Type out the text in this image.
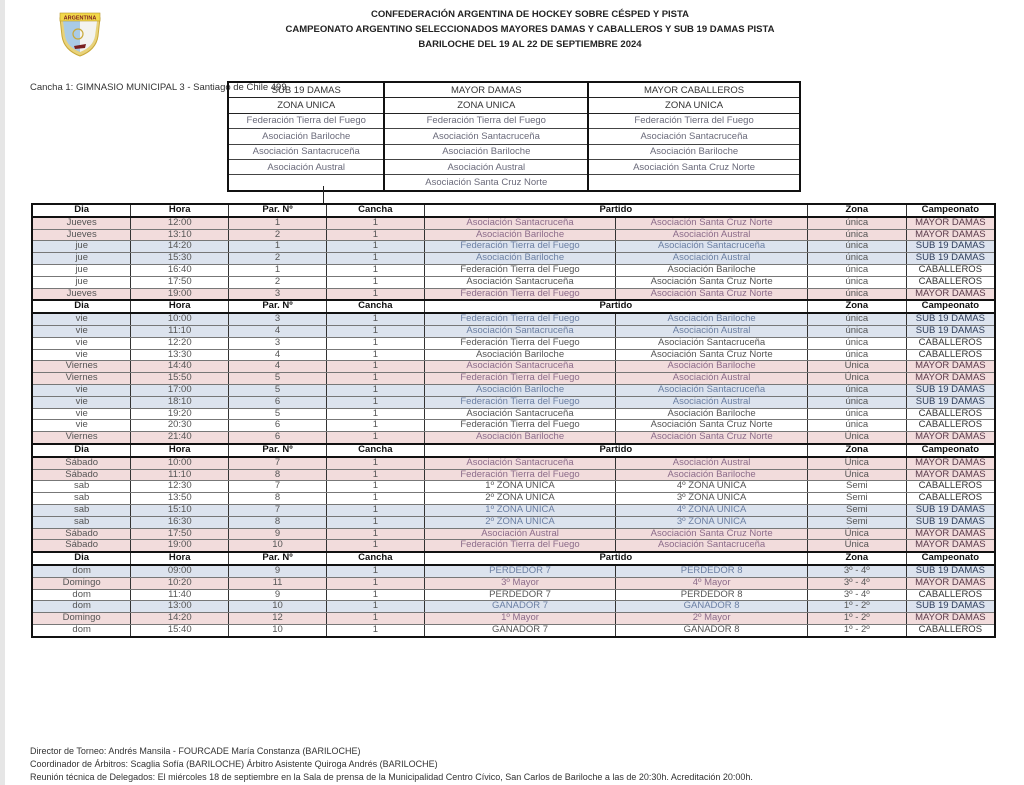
ARGENTINA	CONFEDERACIÓN ARGENTINA DE HOCKEY SOBRE CÉSPED Y PISTA
CAMPEONATO ARGENTINO SELECCIONADOS MAYORES DAMAS Y CABALLEROS Y SUB 19 DAMAS PISTA
BARILOCHE DEL 19 AL 22 DE SEPTIEMBRE 2024
Cancha 1: GIMNASIO MUNICIPAL 3 - Santiago de Chile 499
SUB 19 DAMAS	MAYOR DAMAS	MAYOR CABALLEROS
ZONA UNICA	ZONA UNICA	ZONA UNICA
Federación Tierra del Fuego	Federación Tierra del Fuego	Federación Tierra del Fuego
Asociación Bariloche	Asociación Santacruceña	Asociación Santacruceña
Asociación Santacruceña	Asociación Bariloche	Asociación Bariloche
Asociación Austral	Asociación Austral	Asociación Santa Cruz Norte
	Asociación Santa Cruz Norte	
Dia	Hora	Par. Nº	Cancha	Partido		Zona	Campeonato
Jueves	12:00	1	1	Asociación Santacruceña	Asociación Santa Cruz Norte	única	MAYOR DAMAS
Jueves	13:10	2	1	Asociación Bariloche	Asociación Austral	única	MAYOR DAMAS
jue	14:20	1	1	Federación Tierra del Fuego	Asociación Santacruceña	única	SUB 19 DAMAS
jue	15:30	2	1	Asociación Bariloche	Asociación Austral	única	SUB 19 DAMAS
jue	16:40	1	1	Federación Tierra del Fuego	Asociación Bariloche	única	CABALLEROS
jue	17:50	2	1	Asociación Santacruceña	Asociación Santa Cruz Norte	única	CABALLEROS
Jueves	19:00	3	1	Federación Tierra del Fuego	Asociación Santa Cruz Norte	única	MAYOR DAMAS
Dia	Hora	Par. Nº	Cancha	Partido		Zona	Campeonato
vie	10:00	3	1	Federación Tierra del Fuego	Asociación Bariloche	única	SUB 19 DAMAS
vie	11:10	4	1	Asociación Santacruceña	Asociación Austral	única	SUB 19 DAMAS
vie	12:20	3	1	Federación Tierra del Fuego	Asociación Santacruceña	única	CABALLEROS
vie	13:30	4	1	Asociación Bariloche	Asociación Santa Cruz Norte	única	CABALLEROS
Viernes	14:40	4	1	Asociación Santacruceña	Asociación Bariloche	Única	MAYOR DAMAS
Viernes	15:50	5	1	Federación Tierra del Fuego	Asociación Austral	Única	MAYOR DAMAS
vie	17:00	5	1	Asociación Bariloche	Asociación Santacruceña	única	SUB 19 DAMAS
vie	18:10	6	1	Federación Tierra del Fuego	Asociación Austral	única	SUB 19 DAMAS
vie	19:20	5	1	Asociación Santacruceña	Asociación Bariloche	única	CABALLEROS
vie	20:30	6	1	Federación Tierra del Fuego	Asociación Santa Cruz Norte	única	CABALLEROS
Viernes	21:40	6	1	Asociación Bariloche	Asociación Santa Cruz Norte	Única	MAYOR DAMAS
Dia	Hora	Par. Nº	Cancha	Partido		Zona	Campeonato
Sábado	10:00	7	1	Asociación Santacruceña	Asociación Austral	Única	MAYOR DAMAS
Sábado	11:10	8	1	Federación Tierra del Fuego	Asociación Bariloche	Única	MAYOR DAMAS
sab	12:30	7	1	1º ZONA UNICA	4º ZONA UNICA	Semi	CABALLEROS
sab	13:50	8	1	2º ZONA UNICA	3º ZONA UNICA	Semi	CABALLEROS
sab	15:10	7	1	1º ZONA UNICA	4º ZONA UNICA	Semi	SUB 19 DAMAS
sab	16:30	8	1	2º ZONA UNICA	3º ZONA UNICA	Semi	SUB 19 DAMAS
Sábado	17:50	9	1	Asociación Austral	Asociación Santa Cruz Norte	Única	MAYOR DAMAS
Sábado	19:00	10	1	Federación Tierra del Fuego	Asociación Santacruceña	Única	MAYOR DAMAS
Dia	Hora	Par. Nº	Cancha	Partido		Zona	Campeonato
dom	09:00	9	1	PERDEDOR 7	PERDEDOR 8	3º - 4º	SUB 19 DAMAS
Domingo	10:20	11	1	3º Mayor	4º Mayor	3º - 4º	MAYOR DAMAS
dom	11:40	9	1	PERDEDOR 7	PERDEDOR 8	3º - 4º	CABALLEROS
dom	13:00	10	1	GANADOR 7	GANADOR 8	1º - 2º	SUB 19 DAMAS
Domingo	14:20	12	1	1º Mayor	2º Mayor	1º - 2º	MAYOR DAMAS
dom	15:40	10	1	GANADOR 7	GANADOR 8	1º - 2º	CABALLEROS
Director de Torneo: Andrés Mansila - FOURCADE María Constanza (BARILOCHE)
Coordinador de Árbitros: Scaglia Sofía (BARILOCHE) Árbitro Asistente Quiroga Andrés (BARILOCHE)
Reunión técnica de Delegados: El miércoles 18 de septiembre en la Sala de prensa de la Municipalidad Centro Cívico, San Carlos de Bariloche a las de 20:30h. Acreditación 20:00h.
